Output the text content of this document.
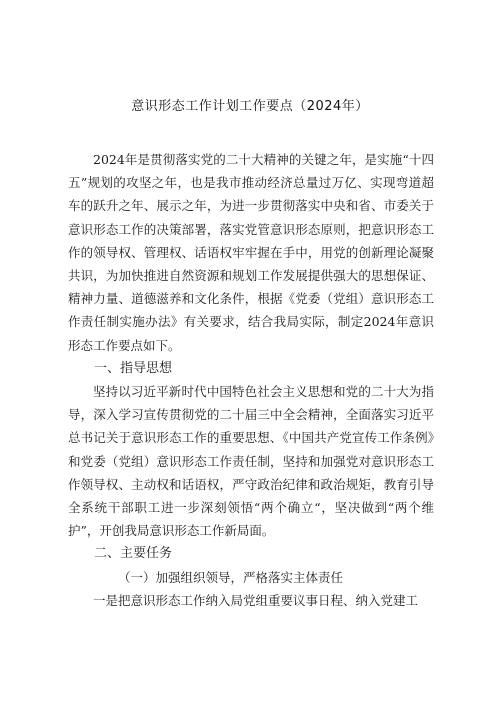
意识形态工作计划工作要点（2024年）

2024年是贯彻落实党的二十大精神的关键之年，是实施“十四五”规划的攻坚之年，也是我市推动经济总量过万亿、实现弯道超车的跃升之年、展示之年，为进一步贯彻落实中央和省、市委关于意识形态工作的决策部署，落实党管意识形态原则，把意识形态工作的领导权、管理权、话语权牢牢握在手中，用党的创新理论凝聚共识，为加快推进自然资源和规划工作发展提供强大的思想保证、精神力量、道德滋养和文化条件，根据《党委（党组）意识形态工作责任制实施办法》有关要求，结合我局实际，制定2024年意识形态工作要点如下。

一、指导思想

坚持以习近平新时代中国特色社会主义思想和党的二十大为指导，深入学习宣传贯彻党的二十届三中全会精神，全面落实习近平总书记关于意识形态工作的重要思想、《中国共产党宣传工作条例》和党委（党组）意识形态工作责任制，坚持和加强党对意识形态工作领导权、主动权和话语权，严守政治纪律和政治规矩，教育引导全系统干部职工进一步深刻领悟“两个确立“，坚决做到“两个维护”，开创我局意识形态工作新局面。

二、主要任务

（一）加强组织领导，严格落实主体责任

一是把意识形态工作纳入局党组重要议事日程、纳入党建工
